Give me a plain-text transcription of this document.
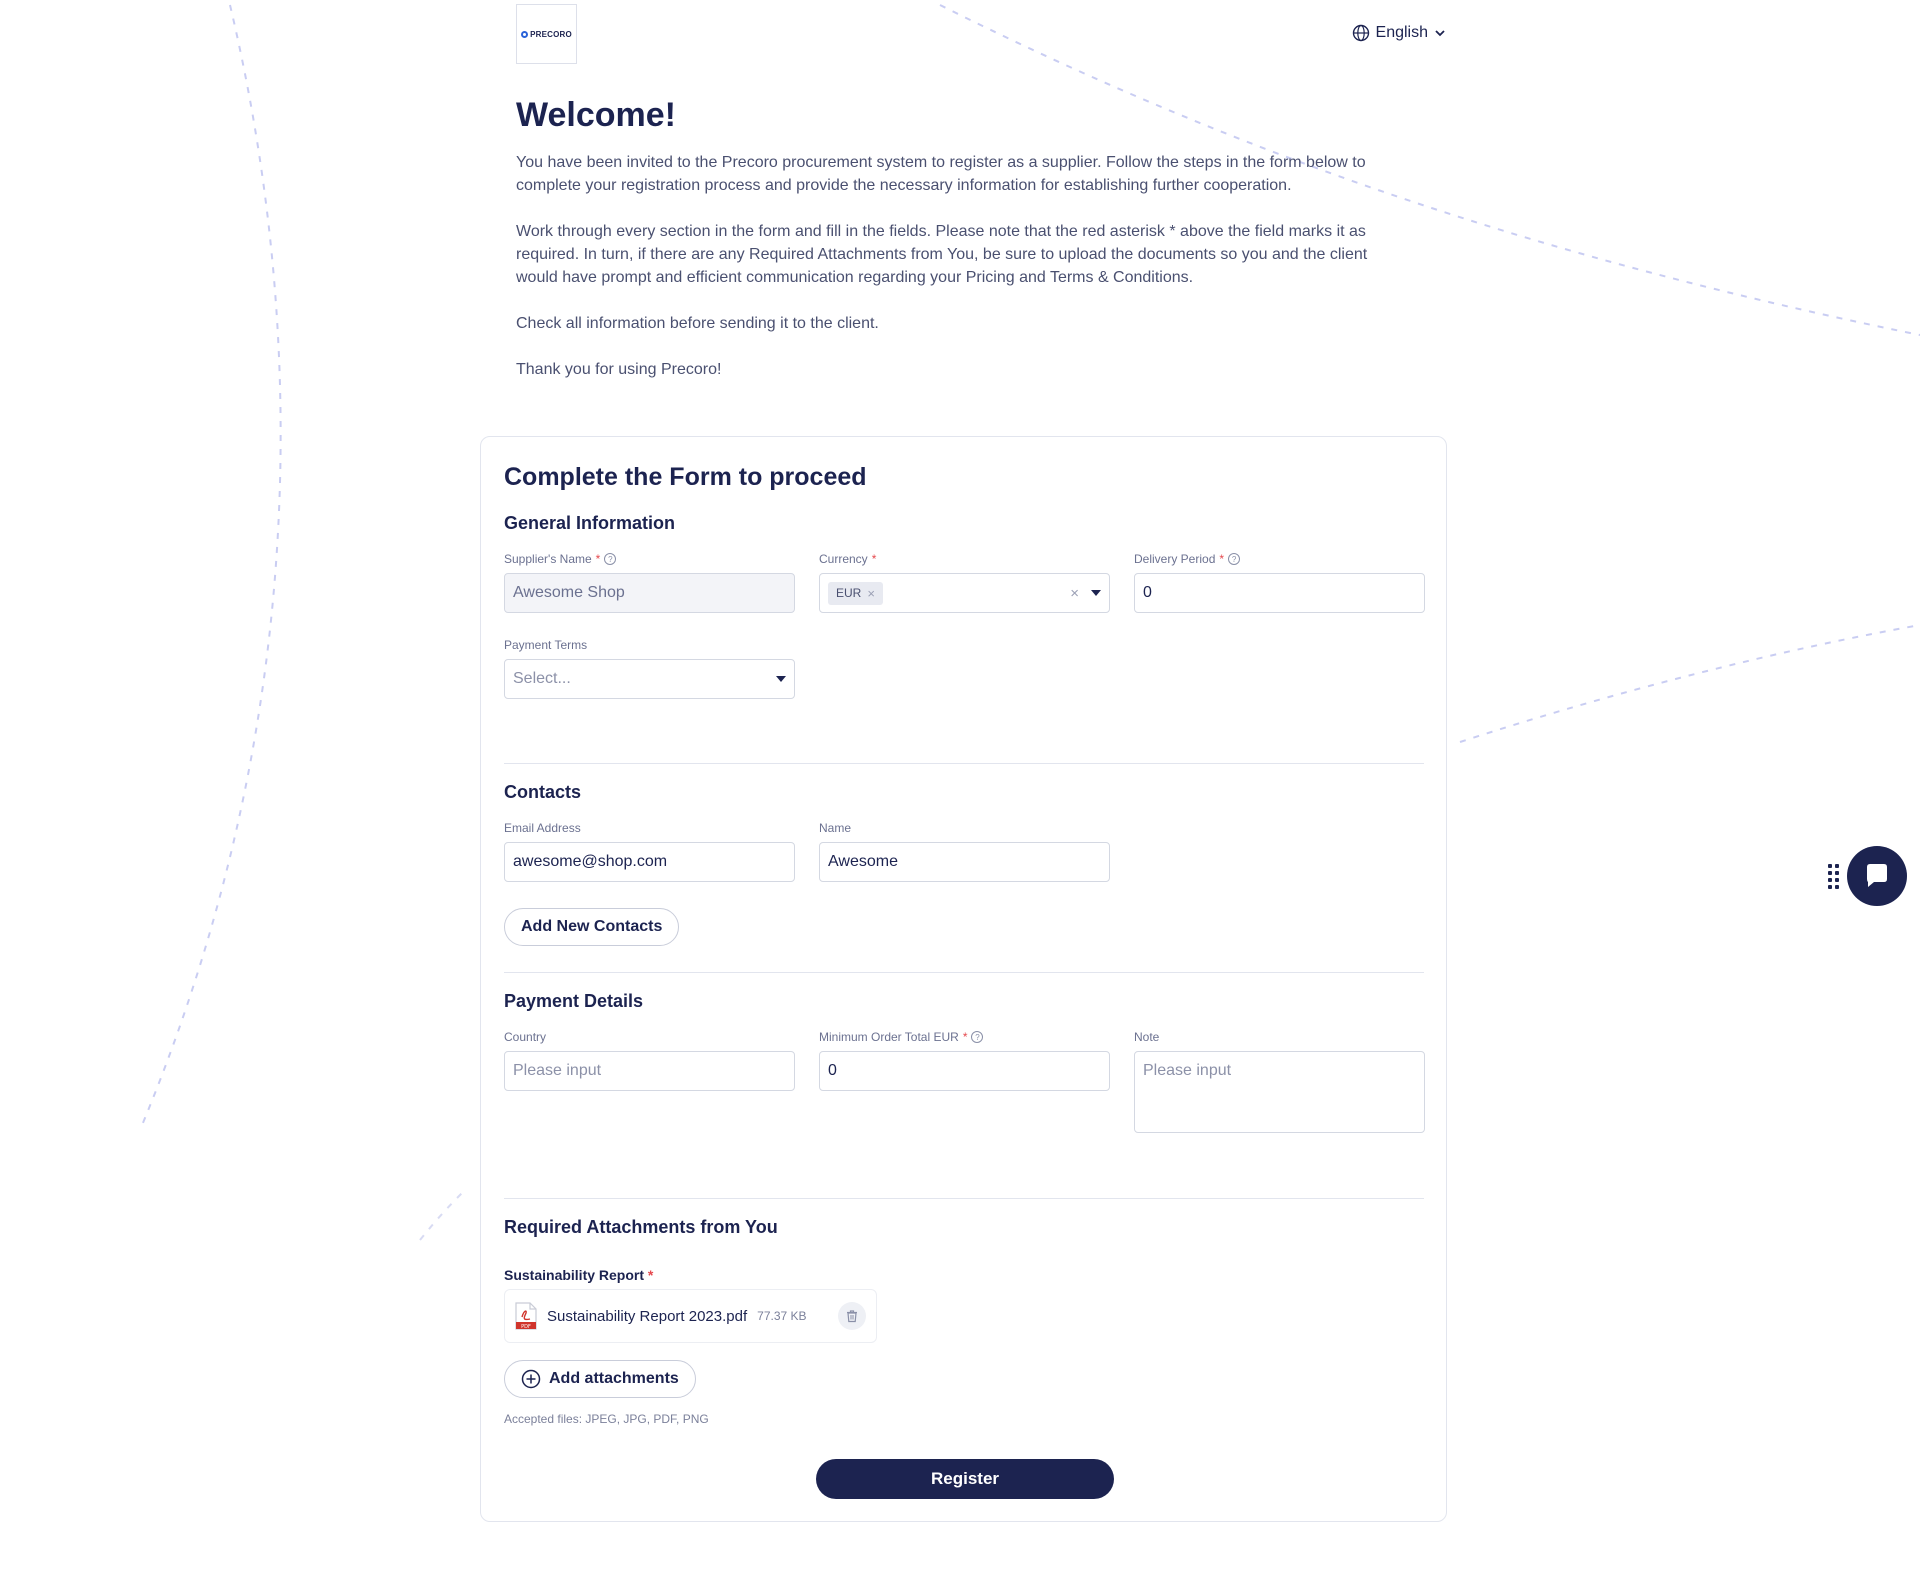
PRECORO	English
Welcome!

You have been invited to the Precoro procurement system to register as a supplier. Follow the steps in the form below to complete your registration process and provide the necessary information for establishing further cooperation.

Work through every section in the form and fill in the fields. Please note that the red asterisk * above the field marks it as required. In turn, if there are any Required Attachments from You, be sure to upload the documents so you and the client would have prompt and efficient communication regarding your Pricing and Terms & Conditions.

Check all information before sending it to the client.

Thank you for using Precoro!

Complete the Form to proceed
General Information
Supplier's Name * ?
Awesome Shop
Currency *
EUR ×	×
Delivery Period * ?
0
Payment Terms
Select...
Contacts
Email Address
awesome@shop.com
Name
Awesome
Add New Contacts
Payment Details
Country
Please input
Minimum Order Total EUR * ?
0
Note
Please input
Required Attachments from You
Sustainability Report *
PDF
Sustainability Report 2023.pdf 77.37 KB
Add attachments
Accepted files: JPEG, JPG, PDF, PNG
Register
